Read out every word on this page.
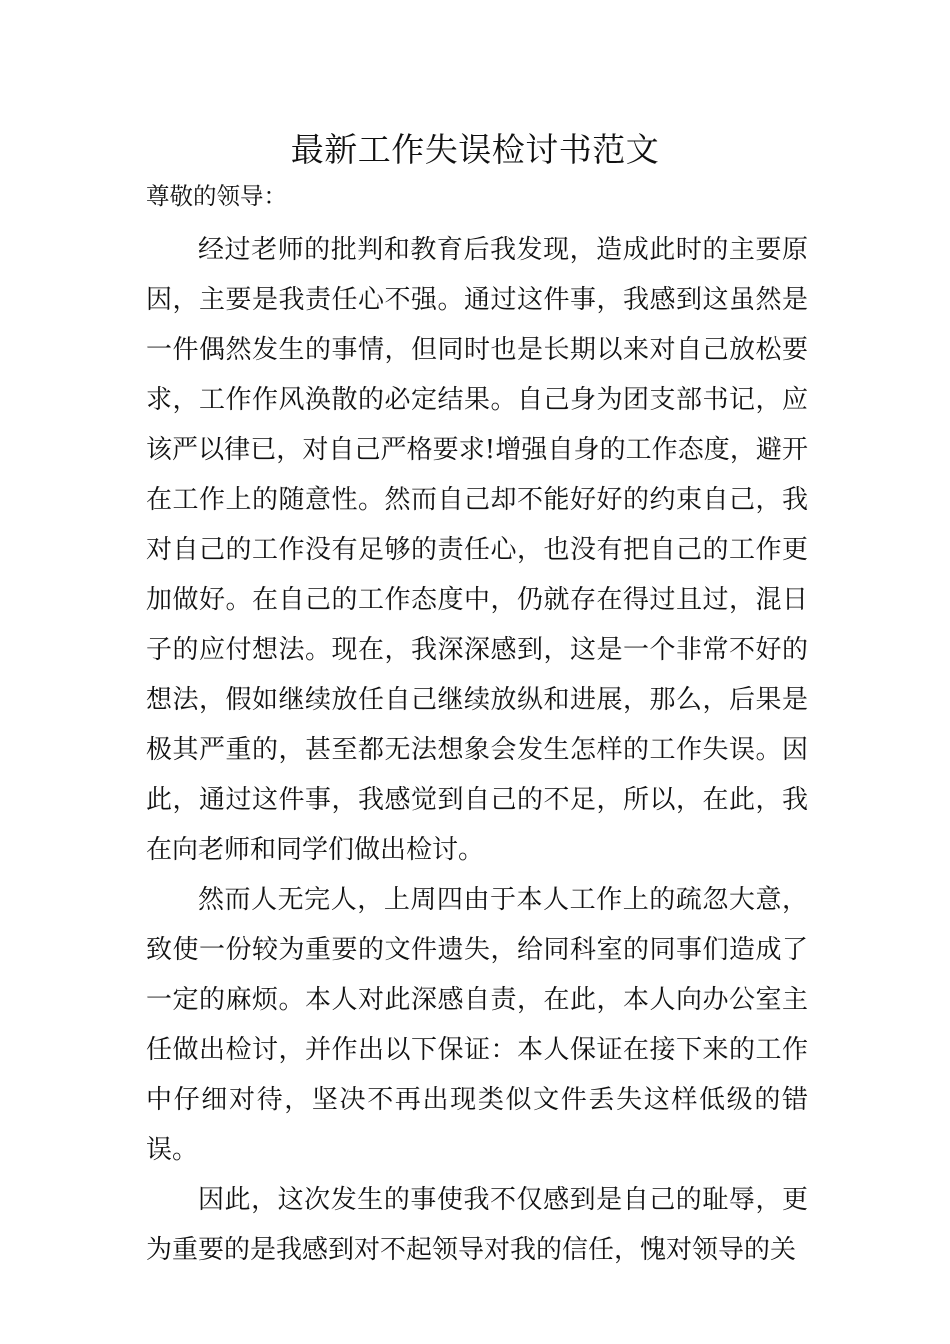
最新工作失误检讨书范文
尊敬的领导：

经过老师的批判和教育后我发现，造成此时的主要原因，主要是我责任心不强。通过这件事，我感到这虽然是一件偶然发生的事情，但同时也是长期以来对自己放松要求，工作作风涣散的必定结果。自己身为团支部书记，应该严以律已，对自己严格要求!增强自身的工作态度，避开在工作上的随意性。然而自己却不能好好的约束自己，我对自己的工作没有足够的责任心，也没有把自己的工作更加做好。在自己的工作态度中，仍就存在得过且过，混日子的应付想法。现在，我深深感到，这是一个非常不好的想法，假如继续放任自己继续放纵和进展，那么，后果是极其严重的，甚至都无法想象会发生怎样的工作失误。因此，通过这件事，我感觉到自己的不足，所以，在此，我在向老师和同学们做出检讨。

然而人无完人，上周四由于本人工作上的疏忽大意，致使一份较为重要的文件遗失，给同科室的同事们造成了一定的麻烦。本人对此深感自责，在此，本人向办公室主任做出检讨，并作出以下保证：本人保证在接下来的工作中仔细对待，坚决不再出现类似文件丢失这样低级的错误。

因此，这次发生的事使我不仅感到是自己的耻辱，更为重要的是我感到对不起领导对我的信任，愧对领导的关
